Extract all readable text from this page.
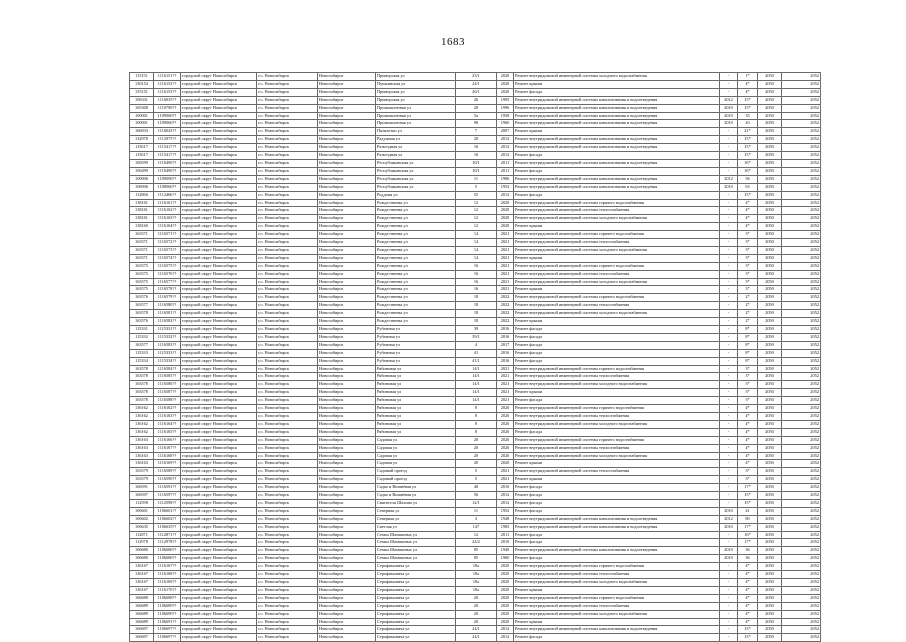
1683
115151	1116151??	городской округ Новосибирск	г.о. Новосибирск	Новосибирск	Приморская ул	23/1	2020	Ремонт внутридомовой инженерной системы холодного водоснабжения	-	1*	2050	2052
130154	1116152??	городской округ Новосибирск	г.о. Новосибирск	Новосибирск	Пушкинская ул	24/1	2020	Ремонт крыши	-	4*	2050	2052
155151	1116153??	городской округ Новосибирск	г.о. Новосибирск	Новосибирск	Приморская ул	26/1	2020	Ремонт фасада	-	4*	2050	2052
106331	1116035??	городской округ Новосибирск	г.о. Новосибирск	Новосибирск	Приморская ул	26	1995	Ремонт внутридомовой инженерной системы канализования и водоотведения	2012	15*	2050	2052
165308	1110790??	городской округ Новосибирск	г.о. Новосибирск	Новосибирск	Промышленная ул	20	1996	Ремонт внутридомовой инженерной системы канализования и водоотведения	2010	15*	2050	2052
100001	1109060??	городской округ Новосибирск	г.о. Новосибирск	Новосибирск	Промышленная ул	5а	1958	Ремонт внутридомовой инженерной системы канализования и водоотведения	2010	35	2050	2052
100001	1109060??	городской округ Новосибирск	г.о. Новосибирск	Новосибирск	Промышленная ул	98	1960	Ремонт внутридомовой инженерной системы канализования и водоотведения	2010	43	2050	2052
166033	1116043??	городской округ Новосибирск	г.о. Новосибирск	Новосибирск	Пятилетки ул	7	2007	Ремонт крыши	-	21*	2050	2052
132978	1112975??	городской округ Новосибирск	г.о. Новосибирск	Новосибирск	Радужная ул	20	2012	Ремонт внутридомовой инженерной системы канализования и водоотведения	-	15*	2050	2052
115617	1115417??	городской округ Новосибирск	г.о. Новосибирск	Новосибирск	Разъездная ул	16	2012	Ремонт внутридомовой инженерной системы канализования и водоотведения	-	15*	2050	2052
115617	1115417??	городской округ Новосибирск	г.о. Новосибирск	Новосибирск	Разъездная ул	16	2012	Ремонт фасада	-	15*	2050	2052
106599	1116490??	городской округ Новосибирск	г.о. Новосибирск	Новосибирск	Республиканская ул	10/1	2011	Ремонт внутридомовой инженерной системы канализования и водоотведения	-	16*	2050	2052
106499	1116490??	городской округ Новосибирск	г.о. Новосибирск	Новосибирск	Республиканская ул	10/1	2011	Ремонт фасада	-	16*	2050	2052
109006	1109090??	городской округ Новосибирск	г.о. Новосибирск	Новосибирск	Республиканская ул	11	1986	Ремонт внутридомовой инженерной системы канализования и водоотведения	2012	56	2050	2052
108006	1108060??	городской округ Новосибирск	г.о. Новосибирск	Новосибирск	Республиканская ул	5	1952	Ремонт внутридомовой инженерной системы канализования и водоотведения	2010	63	2050	2052
112866	1112466??	городской округ Новосибирск	г.о. Новосибирск	Новосибирск	Роддома ул	55	2012	Ремонт фасада	-	15*	2050	2052
138161	1116161??	городской округ Новосибирск	г.о. Новосибирск	Новосибирск	Рождественка ул	12	2020	Ремонт внутридомовой инженерной системы горячего водоснабжения	-	4*	2050	2052
138161	1116162??	городской округ Новосибирск	г.о. Новосибирск	Новосибирск	Рождественка ул	12	2020	Ремонт внутридомовой инженерной системы теплоснабжения	-	4*	2050	2052
138161	1116163??	городской округ Новосибирск	г.о. Новосибирск	Новосибирск	Рождественка ул	12	2020	Ремонт внутридомовой инженерной системы холодного водоснабжения	-	4*	2050	2052
138160	1116164??	городской округ Новосибирск	г.о. Новосибирск	Новосибирск	Рождественка ул	12	2020	Ремонт крыши	-	4*	2050	2052
163571	1116571??	городской округ Новосибирск	г.о. Новосибирск	Новосибирск	Рождественка ул	14	2021	Ремонт внутридомовой инженерной системы горячего водоснабжения	-	3*	2050	2052
163571	1116572??	городской округ Новосибирск	г.о. Новосибирск	Новосибирск	Рождественка ул	14	2021	Ремонт внутридомовой инженерной системы теплоснабжения	-	3*	2050	2052
163571	1116573??	городской округ Новосибирск	г.о. Новосибирск	Новосибирск	Рождественка ул	14	2021	Ремонт внутридомовой инженерной системы холодного водоснабжения	-	3*	2050	2052
163571	1116574??	городской округ Новосибирск	г.о. Новосибирск	Новосибирск	Рождественка ул	14	2021	Ремонт крыши	-	3*	2050	2052
163575	1116575??	городской округ Новосибирск	г.о. Новосибирск	Новосибирск	Рождественка ул	16	2021	Ремонт внутридомовой инженерной системы горячего водоснабжения	-	3*	2050	2052
163575	1116576??	городской округ Новосибирск	г.о. Новосибирск	Новосибирск	Рождественка ул	16	2021	Ремонт внутридомовой инженерной системы теплоснабжения	-	3*	2050	2052
163575	1116577??	городской округ Новосибирск	г.о. Новосибирск	Новосибирск	Рождественка ул	16	2021	Ремонт внутридомовой инженерной системы холодного водоснабжения	-	3*	2050	2052
163575	1116578??	городской округ Новосибирск	г.о. Новосибирск	Новосибирск	Рождественка ул	16	2021	Ремонт крыши	-	3*	2050	2052
163576	1116579??	городской округ Новосибирск	г.о. Новосибирск	Новосибирск	Рождественка ул	18	2022	Ремонт внутридомовой инженерной системы горячего водоснабжения	-	2*	2050	2052
163577	1116580??	городской округ Новосибирск	г.о. Новосибирск	Новосибирск	Рождественка ул	18	2022	Ремонт внутридомовой инженерной системы теплоснабжения	-	2*	2050	2052
163578	1116581??	городской округ Новосибирск	г.о. Новосибирск	Новосибирск	Рождественка ул	18	2022	Ремонт внутридомовой инженерной системы холодного водоснабжения	-	2*	2050	2052
163576	1116582??	городской округ Новосибирск	г.о. Новосибирск	Новосибирск	Рождественка ул	18	2022	Ремонт крыши	-	2*	2050	2052
115331	1115331??	городской округ Новосибирск	г.о. Новосибирск	Новосибирск	Рубежная ул	39	2016	Ремонт фасада	-	8*	2050	2052
115332	1115332??	городской округ Новосибирск	г.о. Новосибирск	Новосибирск	Рубежная ул	39/1	2016	Ремонт фасада	-	8*	2050	2052
163577	1116583??	городской округ Новосибирск	г.о. Новосибирск	Новосибирск	Рубежная ул	4	2017	Ремонт фасада	-	8*	2050	2052
115333	1115333??	городской округ Новосибирск	г.о. Новосибирск	Новосибирск	Рубежная ул	41	2016	Ремонт фасада	-	8*	2050	2052
115334	1115334??	городской округ Новосибирск	г.о. Новосибирск	Новосибирск	Рубежная ул	41/1	2016	Ремонт фасада	-	8*	2050	2052
163578	1116584??	городской округ Новосибирск	г.о. Новосибирск	Новосибирск	Рябиновая ул	14/1	2021	Ремонт внутридомовой инженерной системы горячего водоснабжения	-	3*	2050	2052
163578	1116585??	городской округ Новосибирск	г.о. Новосибирск	Новосибирск	Рябиновая ул	14/1	2021	Ремонт внутридомовой инженерной системы теплоснабжения	-	3*	2050	2052
163578	1116586??	городской округ Новосибирск	г.о. Новосибирск	Новосибирск	Рябиновая ул	14/1	2021	Ремонт внутридомовой инженерной системы холодного водоснабжения	-	3*	2050	2052
163578	1116587??	городской округ Новосибирск	г.о. Новосибирск	Новосибирск	Рябиновая ул	14/1	2021	Ремонт крыши	-	3*	2050	2052
163578	1116588??	городской округ Новосибирск	г.о. Новосибирск	Новосибирск	Рябиновая ул	14/1	2021	Ремонт фасада	-	3*	2050	2052
136162	1116162??	городской округ Новосибирск	г.о. Новосибирск	Новосибирск	Рябиновая ул	8	2020	Ремонт внутридомовой инженерной системы горячего водоснабжения	-	4*	2050	2052
136162	1116163??	городской округ Новосибирск	г.о. Новосибирск	Новосибирск	Рябиновая ул	8	2020	Ремонт внутридомовой инженерной системы теплоснабжения	-	4*	2050	2052
136162	1116164??	городской округ Новосибирск	г.о. Новосибирск	Новосибирск	Рябиновая ул	8	2020	Ремонт внутридомовой инженерной системы холодного водоснабжения	-	4*	2050	2052
136162	1116165??	городской округ Новосибирск	г.о. Новосибирск	Новосибирск	Рябиновая ул	8	2020	Ремонт фасада	-	4*	2050	2052
136163	1116166??	городской округ Новосибирск	г.о. Новосибирск	Новосибирск	Садовая ул	20	2020	Ремонт внутридомовой инженерной системы горячего водоснабжения	-	4*	2050	2052
136163	1116167??	городской округ Новосибирск	г.о. Новосибирск	Новосибирск	Садовая ул	20	2020	Ремонт внутридомовой инженерной системы теплоснабжения	-	4*	2050	2052
136163	1116168??	городской округ Новосибирск	г.о. Новосибирск	Новосибирск	Садовая ул	20	2020	Ремонт внутридомовой инженерной системы холодного водоснабжения	-	4*	2050	2052
136163	1116169??	городской округ Новосибирск	г.о. Новосибирск	Новосибирск	Садовая ул	20	2020	Ремонт крыши	-	4*	2050	2052
163579	1116589??	городской округ Новосибирск	г.о. Новосибирск	Новосибирск	Садовый проезд	5	2021	Ремонт внутридомовой инженерной системы теплоснабжения	-	3*	2050	2052
163579	1116590??	городской округ Новосибирск	г.о. Новосибирск	Новосибирск	Садовый проезд	5	2021	Ремонт крыши	-	3*	2050	2052
166591	1116591??	городской округ Новосибирск	г.о. Новосибирск	Новосибирск	Садко и Вишнёвая ул	40	2010	Ремонт фасада	-	17*	2050	2052
166597	1116597??	городской округ Новосибирск	г.о. Новосибирск	Новосибирск	Садко и Вишнёвая ул	56	2012	Ремонт фасада	-	15*	2050	2052
112598	1112598??	городской округ Новосибирск	г.о. Новосибирск	Новосибирск	Святителя Шахина ул	12/1	2012	Ремонт фасада	-	15*	2050	2052
106601	1106601??	городской округ Новосибирск	г.о. Новосибирск	Новосибирск	Северная ул	11	1952	Ремонт фасада	2010	41	2050	2052
106602	1106602??	городской округ Новосибирск	г.о. Новосибирск	Новосибирск	Северная ул	3	1948	Ремонт внутридомовой инженерной системы канализования и водоотведения	2012	80	2050	2052
106635	1106635??	городской округ Новосибирск	г.о. Новосибирск	Новосибирск	Светлая ул	147	1985	Ремонт внутридомовой инженерной системы канализования и водоотведения	2010	17*	2050	2052
112871	1112871??	городской округ Новосибирск	г.о. Новосибирск	Новосибирск	Семьи Шамшиных ул	12	2011	Ремонт фасада	-	16*	2050	2052
112978	1112978??	городской округ Новосибирск	г.о. Новосибирск	Новосибирск	Семьи Шамшиных ул	24/2	2010	Ремонт фасада	-	17*	2050	2052
106686	1106686??	городской округ Новосибирск	г.о. Новосибирск	Новосибирск	Семьи Шамшиных ул	85	1940	Ремонт внутридомовой инженерной системы канализования и водоотведения	2010	36	2050	2052
106686	1106686??	городской округ Новосибирск	г.о. Новосибирск	Новосибирск	Семьи Шамшиных ул	85	1960	Ремонт фасада	2010	36	2050	2052
136167	1116167??	городской округ Новосибирск	г.о. Новосибирск	Новосибирск	Серафимовича ул	18а	2020	Ремонт внутридомовой инженерной системы горячего водоснабжения	-	4*	2050	2052
136167	1116168??	городской округ Новосибирск	г.о. Новосибирск	Новосибирск	Серафимовича ул	18а	2020	Ремонт внутридомовой инженерной системы теплоснабжения	-	4*	2050	2052
136167	1116169??	городской округ Новосибирск	г.о. Новосибирск	Новосибирск	Серафимовича ул	18а	2020	Ремонт внутридомовой инженерной системы холодного водоснабжения	-	4*	2050	2052
136167	1116170??	городской округ Новосибирск	г.о. Новосибирск	Новосибирск	Серафимовича ул	18а	2020	Ремонт крыши	-	4*	2050	2052
166688	1106688??	городской округ Новосибирск	г.о. Новосибирск	Новосибирск	Серафимовича ул	20	2020	Ремонт внутридомовой инженерной системы горячего водоснабжения	-	4*	2050	2052
166689	1106689??	городской округ Новосибирск	г.о. Новосибирск	Новосибирск	Серафимовича ул	20	2020	Ремонт внутридомовой инженерной системы теплоснабжения	-	4*	2050	2052
166689	1106690??	городской округ Новосибирск	г.о. Новосибирск	Новосибирск	Серафимовича ул	20	2020	Ремонт внутридомовой инженерной системы холодного водоснабжения	-	4*	2050	2052
166689	1106691??	городской округ Новосибирск	г.о. Новосибирск	Новосибирск	Серафимовича ул	20	2020	Ремонт крыши	-	4*	2050	2052
166697	1106697??	городской округ Новосибирск	г.о. Новосибирск	Новосибирск	Серафимовича ул	24/1	2012	Ремонт внутридомовой инженерной системы канализования и водоотведения	-	15*	2050	2052
166697	1106697??	городской округ Новосибирск	г.о. Новосибирск	Новосибирск	Серафимовича ул	24/1	2012	Ремонт фасада	-	15*	2050	2052
